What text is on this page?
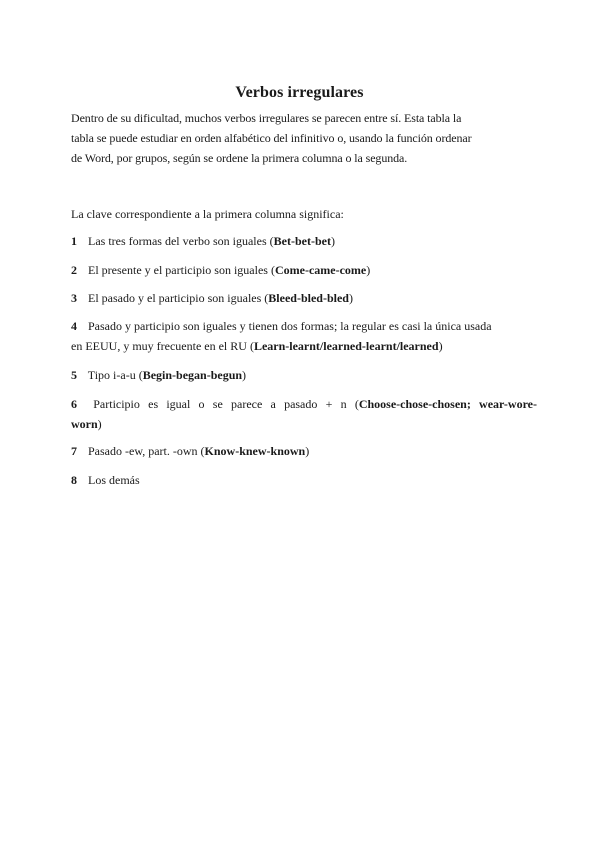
Verbos irregulares
Dentro de su dificultad, muchos verbos irregulares se parecen entre sí. Esta tabla la
tabla se puede estudiar en orden alfabético del infinitivo o, usando la función ordenar
de Word, por grupos, según se ordene la primera columna o la segunda.
La clave correspondiente a la primera columna significa:
1 Las tres formas del verbo son iguales (Bet-bet-bet)
2 El presente y el participio son iguales (Come-came-come)
3 El pasado y el participio son iguales (Bleed-bled-bled)
4 Pasado y participio son iguales y tienen dos formas; la regular es casi la única usada
en EEUU, y muy frecuente en el RU (Learn-learnt/learned-learnt/learned)
5 Tipo i-a-u (Begin-began-begun)
6 Participio es igual o se parece a pasado + n (Choose-chose-chosen; wear-wore-
worn)
7 Pasado -ew, part. -own (Know-knew-known)
8 Los demás
